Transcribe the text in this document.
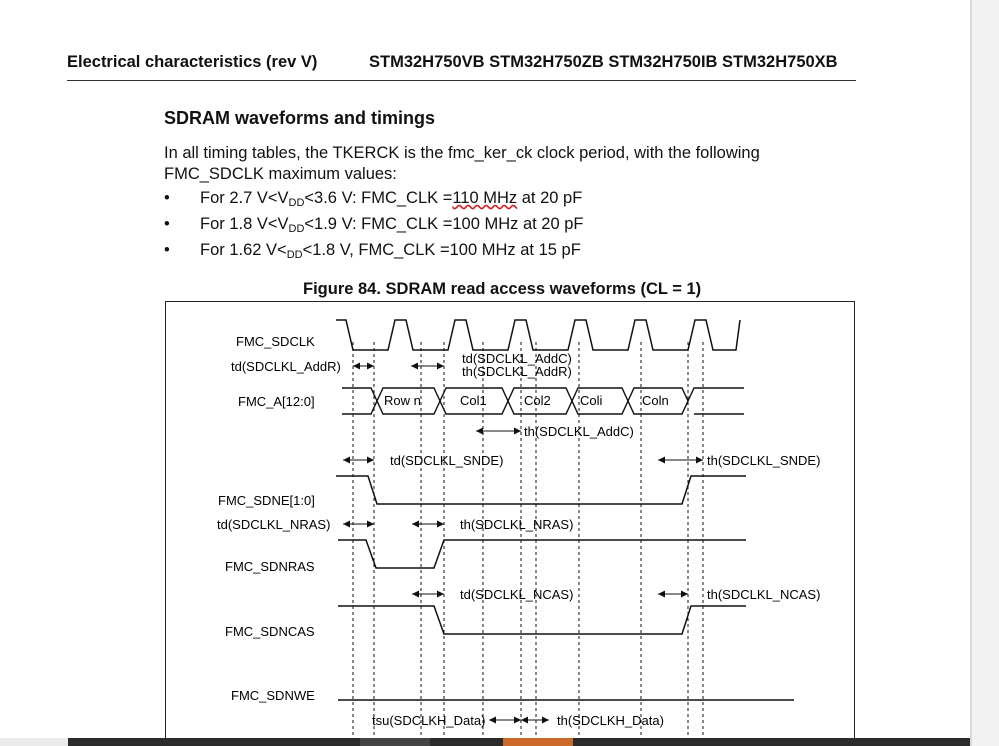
Electrical characteristics (rev V)	STM32H750VB STM32H750ZB STM32H750IB STM32H750XB
SDRAM waveforms and timings
In all timing tables, the TKERCK is the fmc_ker_ck clock period, with the following FMC_SDCLK maximum values:
• For 2.7 $V<V_{DD}<3.6$ V: FMC_CLK =110 MHz at 20 pF
• For 1.8 $V<V_{DD}<1.9$ V: FMC_CLK =100 MHz at 20 pF
• For 1.62 $V<_{DD}<1.8$ V, FMC_CLK =100 MHz at 15 pF
Figure 84. SDRAM read access waveforms (CL = 1)
Row n	Col1	Col2 Coli	Coln
FMC_SDCLK
FMC_A[12:0]
FMC_SDNE[1:0]
FMC_SDNRAS
FMC_SDNCAS
FMC_SDNWE
td(SDCLKL_AddR)
td(SDCLKL_AddC)
th(SDCLKL_AddR)
th(SDCLKL_AddC)
td(SDCLKL_SNDE)	th(SDCLKL_SNDE)
td(SDCLKL_NRAS)	th(SDCLKL_NRAS)
td(SDCLKL_NCAS)	th(SDCLKL_NCAS)
tsu(SDCLKH_Data)	th(SDCLKH_Data)
